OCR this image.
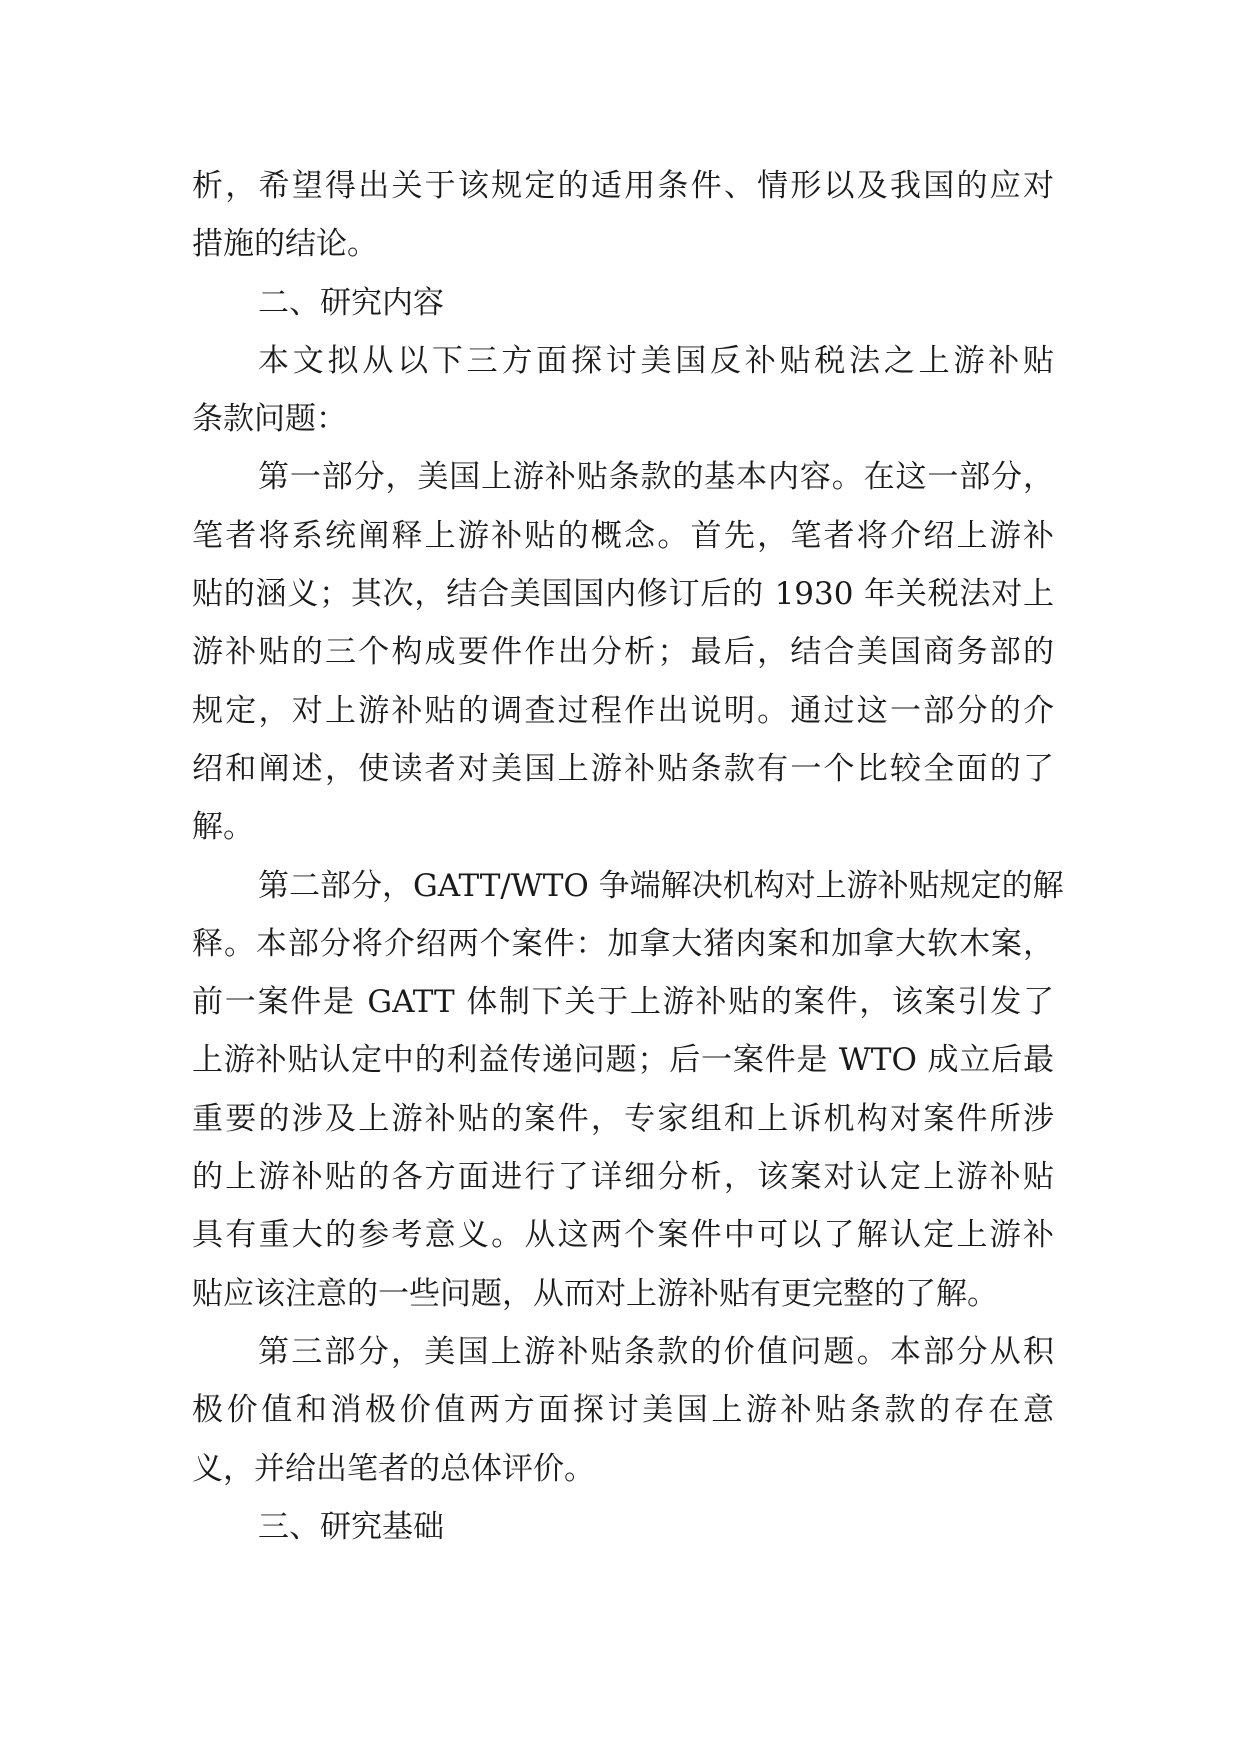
析，希望得出关于该规定的适用条件、情形以及我国的应对
措施的结论。
二、研究内容
本文拟从以下三方面探讨美国反补贴税法之上游补贴
条款问题：
第一部分，美国上游补贴条款的基本内容。在这一部分，
笔者将系统阐释上游补贴的概念。首先，笔者将介绍上游补
贴的涵义；其次，结合美国国内修订后的 1930 年关税法对上
游补贴的三个构成要件作出分析；最后，结合美国商务部的
规定，对上游补贴的调查过程作出说明。通过这一部分的介
绍和阐述，使读者对美国上游补贴条款有一个比较全面的了
解。
第二部分，GATT/WTO 争端解决机构对上游补贴规定的解
释。本部分将介绍两个案件：加拿大猪肉案和加拿大软木案，
前一案件是 GATT 体制下关于上游补贴的案件，该案引发了
上游补贴认定中的利益传递问题；后一案件是 WTO 成立后最
重要的涉及上游补贴的案件，专家组和上诉机构对案件所涉
的上游补贴的各方面进行了详细分析，该案对认定上游补贴
具有重大的参考意义。从这两个案件中可以了解认定上游补
贴应该注意的一些问题，从而对上游补贴有更完整的了解。
第三部分，美国上游补贴条款的价值问题。本部分从积
极价值和消极价值两方面探讨美国上游补贴条款的存在意
义，并给出笔者的总体评价。
三、研究基础
